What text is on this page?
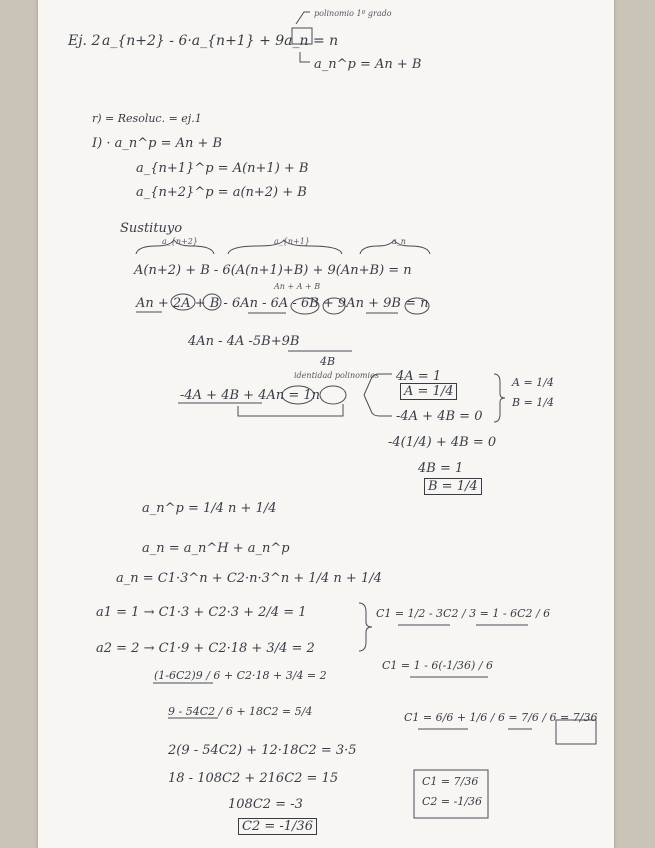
Ej. 2 a_{n+2} - 6·a_{n+1} + 9a_n = n
polinomio 1º grado
a_n^p = An + B
r) = Resoluc. = ej.1
I) · a_n^p = An + B
a_{n+1}^p = A(n+1) + B
a_{n+2}^p = a(n+2) + B
Sustituyo
a_{n+2}	a_{n+1}	a_n
A(n+2) + B - 6(A(n+1)+B) + 9(An+B) = n
An + A + B
An + 2A + B - 6An - 6A - 6B + 9An + 9B = n
4An - 4A -5B+9B
4B
identidad polinomios
-4A + 4B + 4An = 1n
4A = 1
A = 1/4
-4A + 4B = 0
A = 1/4
B = 1/4
-4(1/4) + 4B = 0
4B = 1
B = 1/4
a_n^p = 1/4 n + 1/4
a_n = a_n^H + a_n^p
a_n = C1·3^n + C2·n·3^n + 1/4 n + 1/4
a1 = 1 → C1·3 + C2·3 + 2/4 = 1	C1 = 1/2 - 3C2 / 3 = 1 - 6C2 / 6
a2 = 2 → C1·9 + C2·18 + 3/4 = 2
(1-6C2)9 / 6 + C2·18 + 3/4 = 2
C1 = 1 - 6(-1/36) / 6
9 - 54C2 / 6 + 18C2 = 5/4	C1 = 6/6 + 1/6 / 6 = 7/6 / 6 = 7/36
2(9 - 54C2) + 12·18C2 = 3·5
18 - 108C2 + 216C2 = 15	C1 = 7/36
C2 = -1/36
108C2 = -3
C2 = -1/36
